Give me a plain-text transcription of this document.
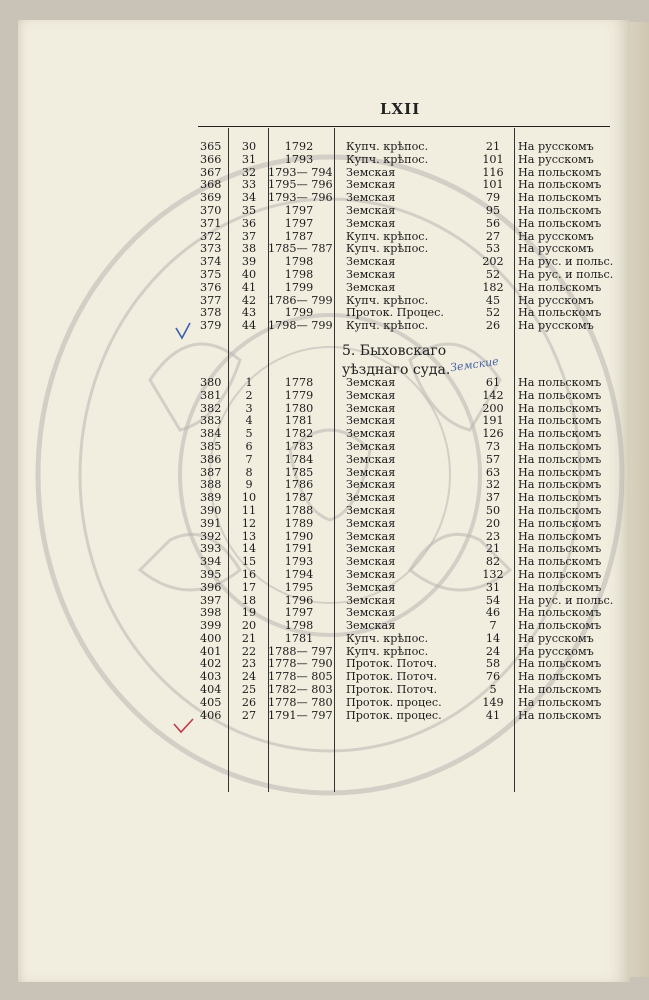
LXII
365	30	1792	Купч. крѣпос.	21	На русскомъ
366	31	1793	Купч. крѣпос.	101	На русскомъ
367	32	1793— 794 Земская	116	На польскомъ
368	33	1795— 796 Земская	101	На польскомъ
369	34	1793— 796 Земская	79	На польскомъ
370	35	1797	Земская	95	На польскомъ
371	36	1797	Земская	56	На польскомъ
372	37	1787	Купч. крѣпос.	27	На русскомъ
373	38	1785— 787 Купч. крѣпос.	53	На русскомъ
374	39	1798	Земская	202	На рус. и польс.
375	40	1798	Земская	52	На рус. и польс.
376	41	1799	Земская	182	На польскомъ
377	42	1786— 799 Купч. крѣпос.	45	На русскомъ
378	43	1799	Проток. Процес.	52	На польскомъ
379	44	1798— 799 Купч. крѣпос.	26	На русскомъ
380	1	1778	Земская	61	На польскомъ
381	2	1779	Земская	142	На польскомъ
382	3	1780	Земская	200	На польскомъ
383	4	1781	Земская	191	На польскомъ
384	5	1782	Земская	126	На польскомъ
385	6	1783	Земская	73	На польскомъ
386	7	1784	Земская	57	На польскомъ
387	8	1785	Земская	63	На польскомъ
388	9	1786	Земская	32	На польскомъ
389	10	1787	Земская	37	На польскомъ
390	11	1788	Земская	50	На польскомъ
391	12	1789	Земская	20	На польскомъ
392	13	1790	Земская	23	На польскомъ
393	14	1791	Земская	21	На польскомъ
394	15	1793	Земская	82	На польскомъ
395	16	1794	Земская	132	На польскомъ
396	17	1795	Земская	31	На польскомъ
397	18	1796	Земская	54	На рус. и польс.
398	19	1797	Земская	46	На польскомъ
399	20	1798	Земская	7	На польскомъ
400	21	1781	Купч. крѣпос.	14	На русскомъ
401	22	1788— 797 Купч. крѣпос.	24	На русскомъ
402	23	1778— 790 Проток. Поточ.	58	На польскомъ
403	24	1778— 805 Проток. Поточ.	76	На польскомъ
404	25	1782— 803 Проток. Поточ.	5	На польскомъ
405	26	1778— 780 Проток. процес.	149	На польскомъ
406	27	1791— 797 Проток. процес.	41	На польскомъ
5. Быховскаго
уѣзднаго суда. Земские
